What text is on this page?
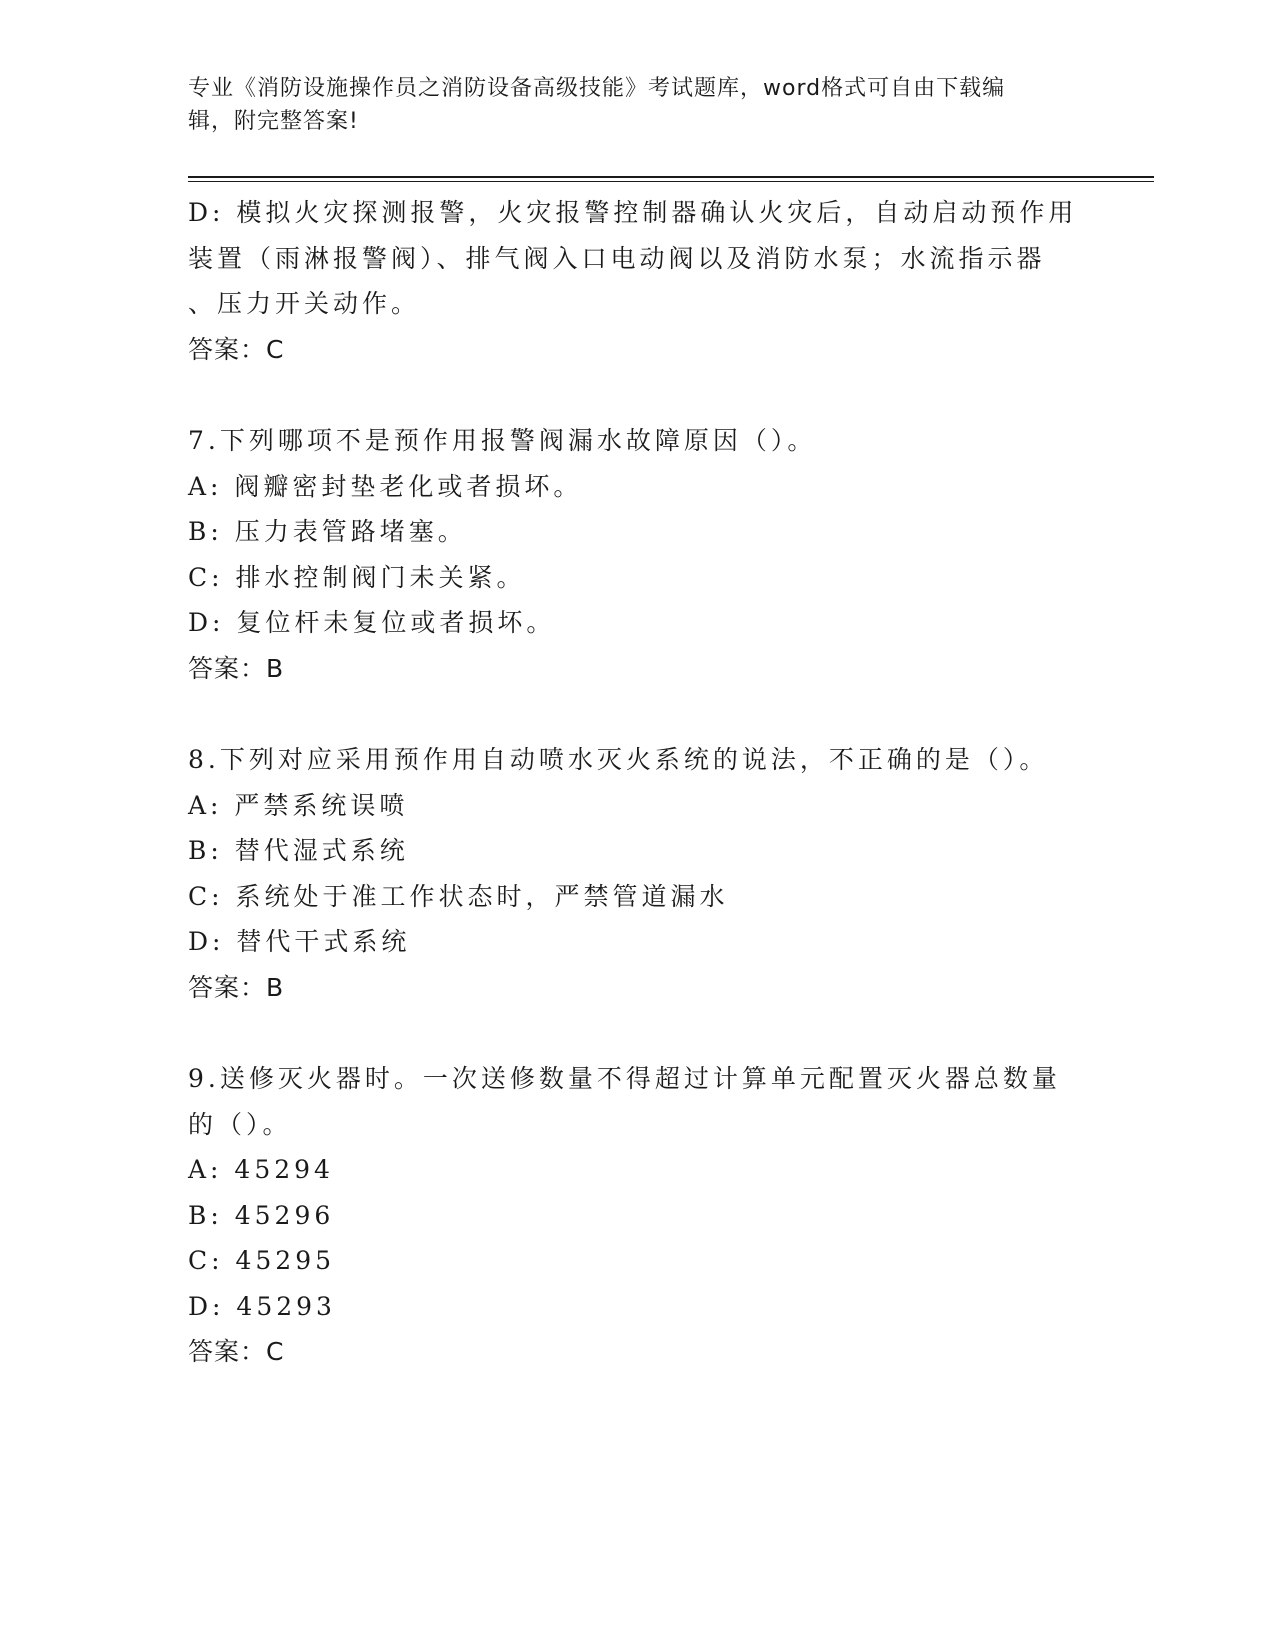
专业《消防设施操作员之消防设备高级技能》考试题库，word格式可自由下载编
辑，附完整答案!
D: 模拟火灾探测报警，火灾报警控制器确认火灾后，自动启动预作用
装置（雨淋报警阀）、排气阀入口电动阀以及消防水泵；水流指示器
、压力开关动作。
答案：C
7.下列哪项不是预作用报警阀漏水故障原因（）。
A: 阀瓣密封垫老化或者损坏。
B: 压力表管路堵塞。
C: 排水控制阀门未关紧。
D: 复位杆未复位或者损坏。
答案：B
8.下列对应采用预作用自动喷水灭火系统的说法，不正确的是（）。
A: 严禁系统误喷
B: 替代湿式系统
C: 系统处于准工作状态时，严禁管道漏水
D: 替代干式系统
答案：B
9.送修灭火器时。一次送修数量不得超过计算单元配置灭火器总数量
的（）。
A: 45294
B: 45296
C: 45295
D: 45293
答案：C
